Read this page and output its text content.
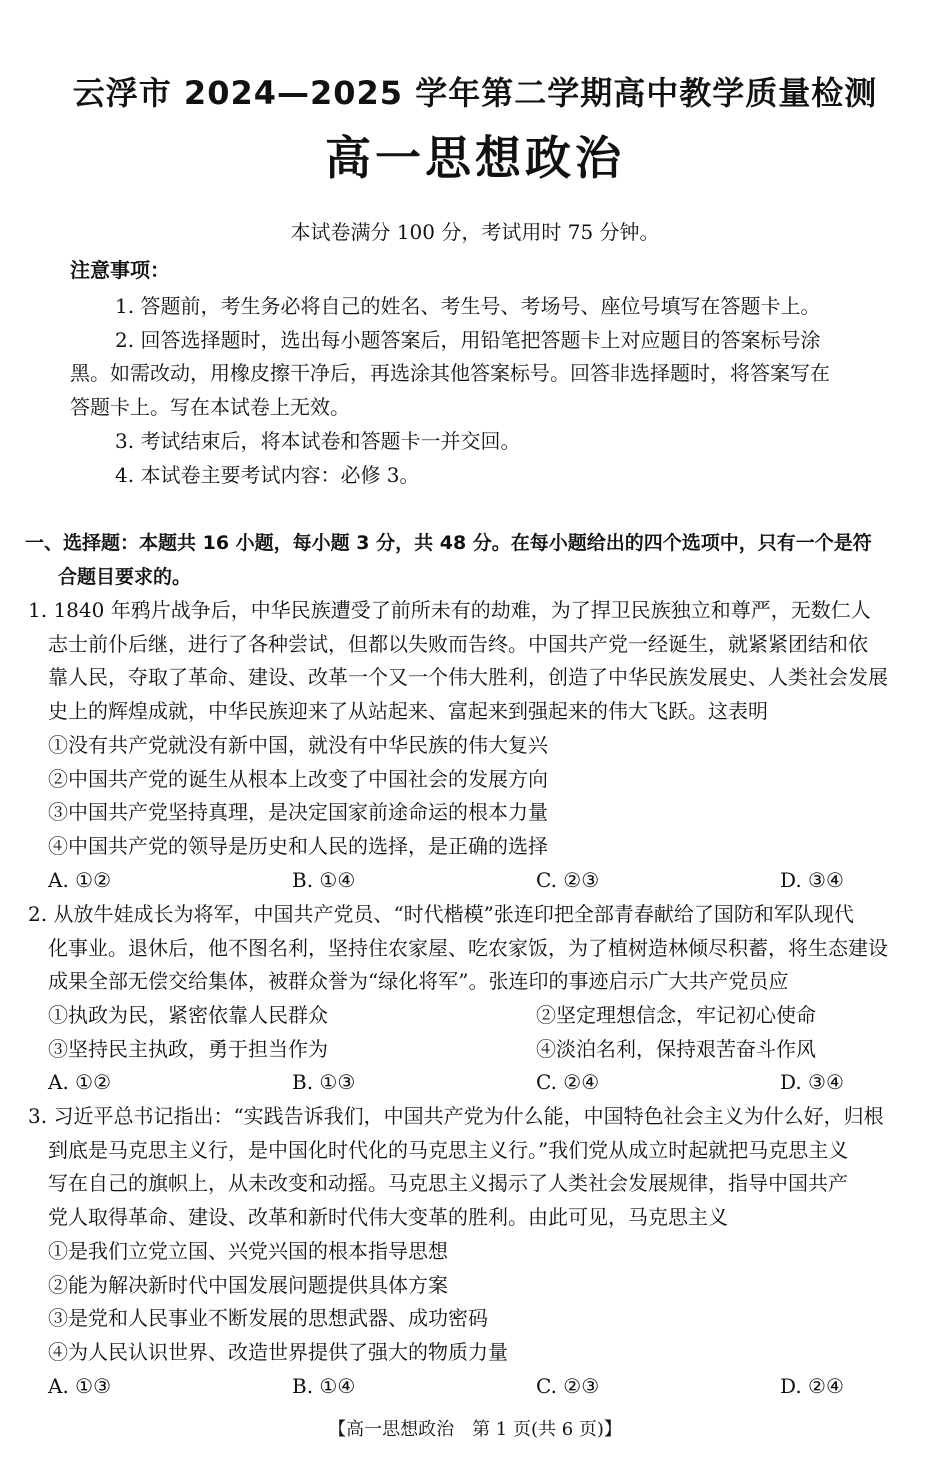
云浮市 2024—2025 学年第二学期高中教学质量检测
高一思想政治
本试卷满分 100 分，考试用时 75 分钟。
注意事项：
1. 答题前，考生务必将自己的姓名、考生号、考场号、座位号填写在答题卡上。
2. 回答选择题时，选出每小题答案后，用铅笔把答题卡上对应题目的答案标号涂
黑。如需改动，用橡皮擦干净后，再选涂其他答案标号。回答非选择题时，将答案写在
答题卡上。写在本试卷上无效。
3. 考试结束后，将本试卷和答题卡一并交回。
4. 本试卷主要考试内容：必修 3。
一、选择题：本题共 16 小题，每小题 3 分，共 48 分。在每小题给出的四个选项中，只有一个是符
合题目要求的。
1. 1840 年鸦片战争后，中华民族遭受了前所未有的劫难，为了捍卫民族独立和尊严，无数仁人
志士前仆后继，进行了各种尝试，但都以失败而告终。中国共产党一经诞生，就紧紧团结和依
靠人民，夺取了革命、建设、改革一个又一个伟大胜利，创造了中华民族发展史、人类社会发展
史上的辉煌成就，中华民族迎来了从站起来、富起来到强起来的伟大飞跃。这表明
①没有共产党就没有新中国，就没有中华民族的伟大复兴
②中国共产党的诞生从根本上改变了中国社会的发展方向
③中国共产党坚持真理，是决定国家前途命运的根本力量
④中国共产党的领导是历史和人民的选择，是正确的选择
A. ①②	B. ①④	C. ②③	D. ③④
2. 从放牛娃成长为将军，中国共产党员、“时代楷模”张连印把全部青春献给了国防和军队现代
化事业。退休后，他不图名利，坚持住农家屋、吃农家饭，为了植树造林倾尽积蓄，将生态建设
成果全部无偿交给集体，被群众誉为“绿化将军”。张连印的事迹启示广大共产党员应
①执政为民，紧密依靠人民群众	②坚定理想信念，牢记初心使命
③坚持民主执政，勇于担当作为	④淡泊名利，保持艰苦奋斗作风
A. ①②	B. ①③	C. ②④	D. ③④
3. 习近平总书记指出：“实践告诉我们，中国共产党为什么能，中国特色社会主义为什么好，归根
到底是马克思主义行，是中国化时代化的马克思主义行。”我们党从成立时起就把马克思主义
写在自己的旗帜上，从未改变和动摇。马克思主义揭示了人类社会发展规律，指导中国共产
党人取得革命、建设、改革和新时代伟大变革的胜利。由此可见，马克思主义
①是我们立党立国、兴党兴国的根本指导思想
②能为解决新时代中国发展问题提供具体方案
③是党和人民事业不断发展的思想武器、成功密码
④为人民认识世界、改造世界提供了强大的物质力量
A. ①③	B. ①④	C. ②③	D. ②④
【高一思想政治　第 1 页(共 6 页)】
